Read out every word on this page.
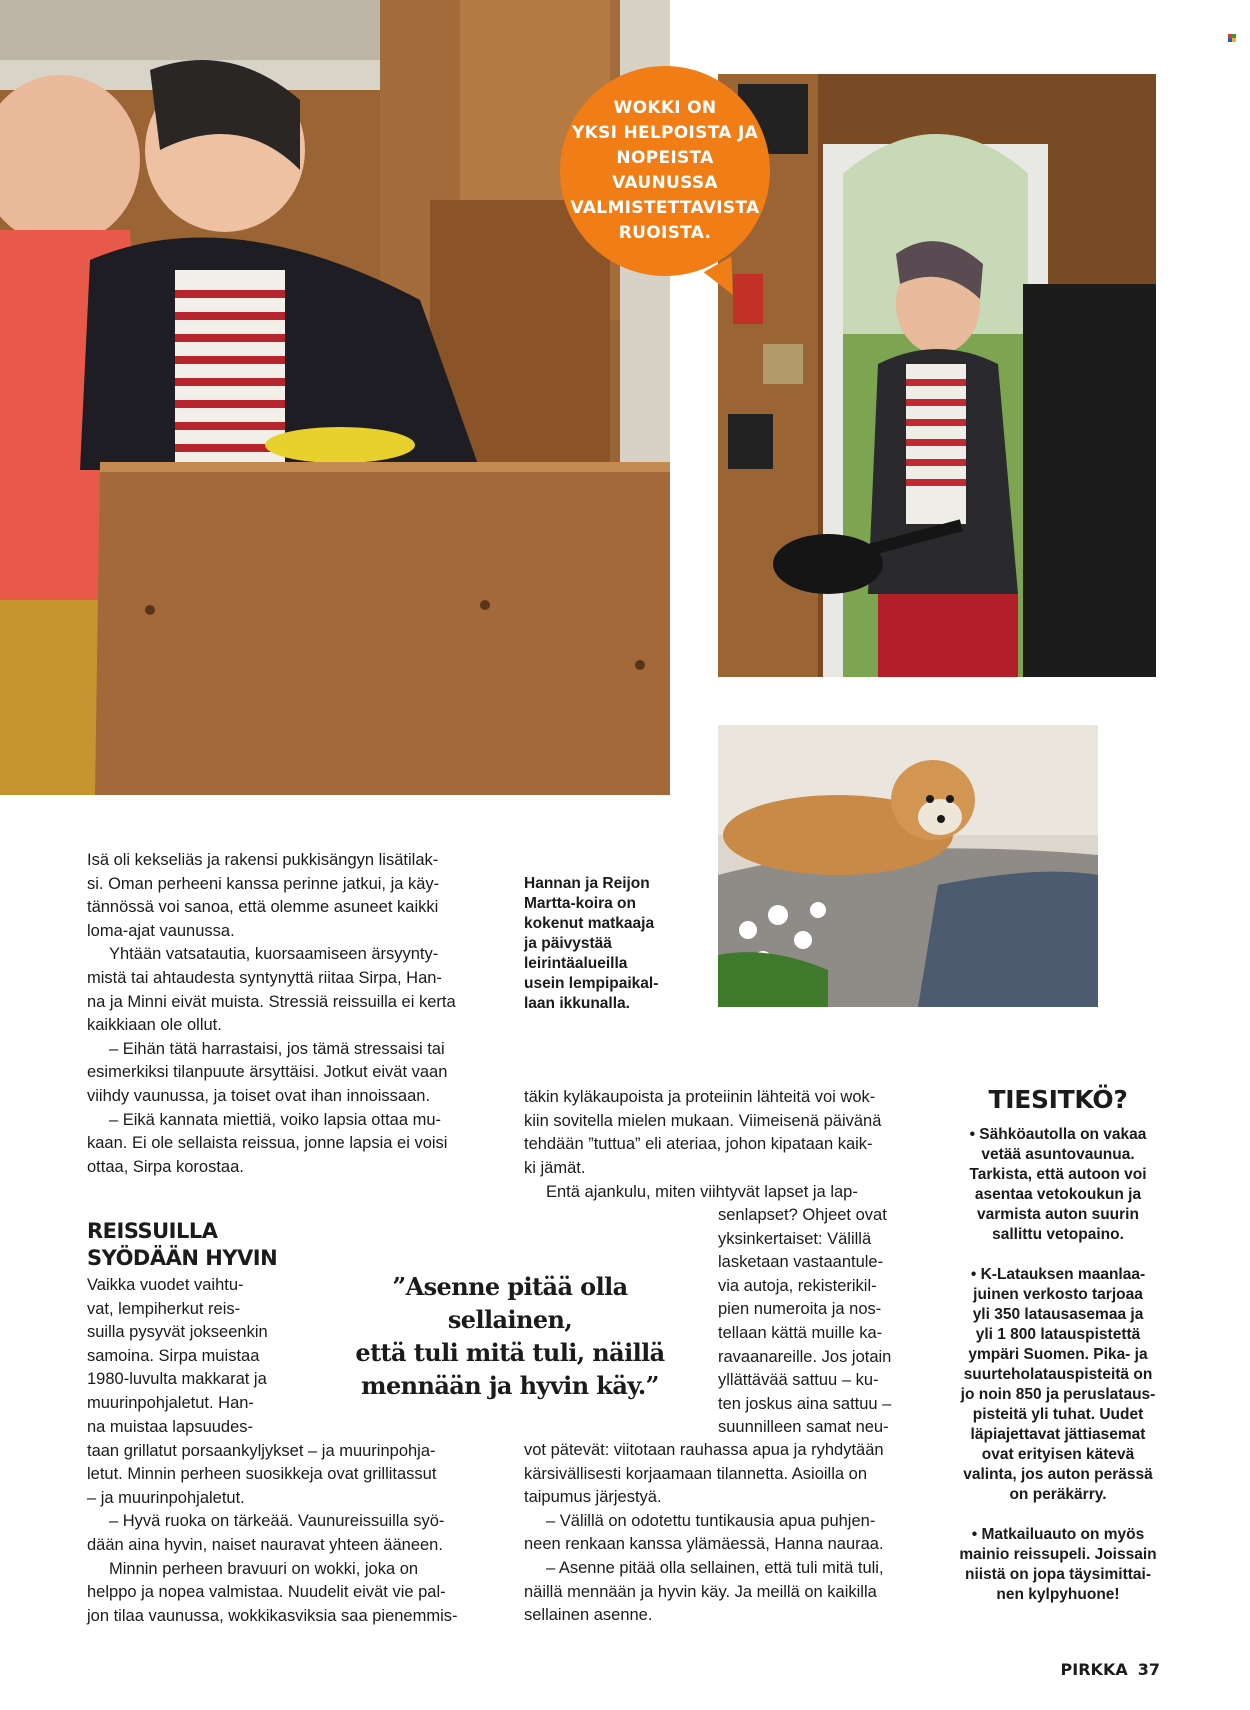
WOKKI ON
YKSI HELPOISTA JA
NOPEISTA VAUNUSSA
VALMISTETTAVISTA
RUOISTA.
Hannan ja Reijon
Martta-koira on
kokenut matkaaja
ja päivystää
leirintäalueilla
usein lempipaikal-
laan ikkunalla.

Isä oli kekseliäs ja rakensi pukkisängyn lisätilak-
si. Oman perheeni kanssa perinne jatkui, ja käy-
tännössä voi sanoa, että olemme asuneet kaikki
loma-ajat vaunussa.

Yhtään vatsatautia, kuorsaamiseen ärsyynty-
mistä tai ahtaudesta syntynyttä riitaa Sirpa, Han-
na ja Minni eivät muista. Stressiä reissuilla ei kerta
kaikkiaan ole ollut.

– Eihän tätä harrastaisi, jos tämä stressaisi tai
esimerkiksi tilanpuute ärsyttäisi. Jotkut eivät vaan
viihdy vaunussa, ja toiset ovat ihan innoissaan.

– Eikä kannata miettiä, voiko lapsia ottaa mu-
kaan. Ei ole sellaista reissua, jonne lapsia ei voisi
ottaa, Sirpa korostaa.

REISSUILLA
SYÖDÄÄN HYVIN
Vaikka vuodet vaihtu-
vat, lempiherkut reis-
suilla pysyvät jokseenkin
samoina. Sirpa muistaa
1980-luvulta makkarat ja
muurinpohjaletut. Han-

na muistaa lapsuudes-
taan grillatut porsaankyljykset – ja muurinpohja-
letut. Minnin perheen suosikkeja ovat grillitassut
– ja muurinpohjaletut.

– Hyvä ruoka on tärkeää. Vaunureissuilla syö-
dään aina hyvin, naiset nauravat yhteen ääneen.

Minnin perheen bravuuri on wokki, joka on
helppo ja nopea valmistaa. Nuudelit eivät vie pal-
jon tilaa vaunussa, wokkikasviksia saa pienemmis-

”Asenne pitää olla sellainen,
että tuli mitä tuli, näillä
mennään ja hyvin käy.”
täkin kyläkaupoista ja proteiinin lähteitä voi wok-
kiin sovitella mielen mukaan. Viimeisenä päivänä
tehdään ”tuttua” eli ateriaa, johon kipataan kaik-
ki jämät.

Entä ajankulu, miten viihtyvät lapset ja lap-

senlapset? Ohjeet ovat
yksinkertaiset: Välillä
lasketaan vastaantule-
via autoja, rekisterikil-
pien numeroita ja nos-
tellaan kättä muille ka-
ravaanareille. Jos jotain
yllättävää sattuu – ku-
ten joskus aina sattuu –
suunnilleen samat neu-

vot pätevät: viitotaan rauhassa apua ja ryhdytään
kärsivällisesti korjaamaan tilannetta. Asioilla on
taipumus järjestyä.

– Välillä on odotettu tuntikausia apua puhjen-
neen renkaan kanssa ylämäessä, Hanna nauraa.

– Asenne pitää olla sellainen, että tuli mitä tuli,
näillä mennään ja hyvin käy. Ja meillä on kaikilla
sellainen asenne.

TIESITKÖ?

• Sähköautolla on vakaa
vetää asuntovaunua.
Tarkista, että autoon voi
asentaa vetokoukun ja
varmista auton suurin
sallittu vetopaino.

• K-Latauksen maanlaa-
juinen verkosto tarjoaa
yli 350 latausasemaa ja
yli 1 800 latauspistettä
ympäri Suomen. Pika- ja
suurteholatauspisteitä on
jo noin 850 ja peruslataus-
pisteitä yli tuhat. Uudet
läpiajettavat jättiasemat
ovat erityisen kätevä
valinta, jos auton perässä
on peräkärry.

• Matkailuauto on myös
mainio reissupeli. Joissain
niistä on jopa täysimittai-
nen kylpyhuone!

PIRKKA 37
